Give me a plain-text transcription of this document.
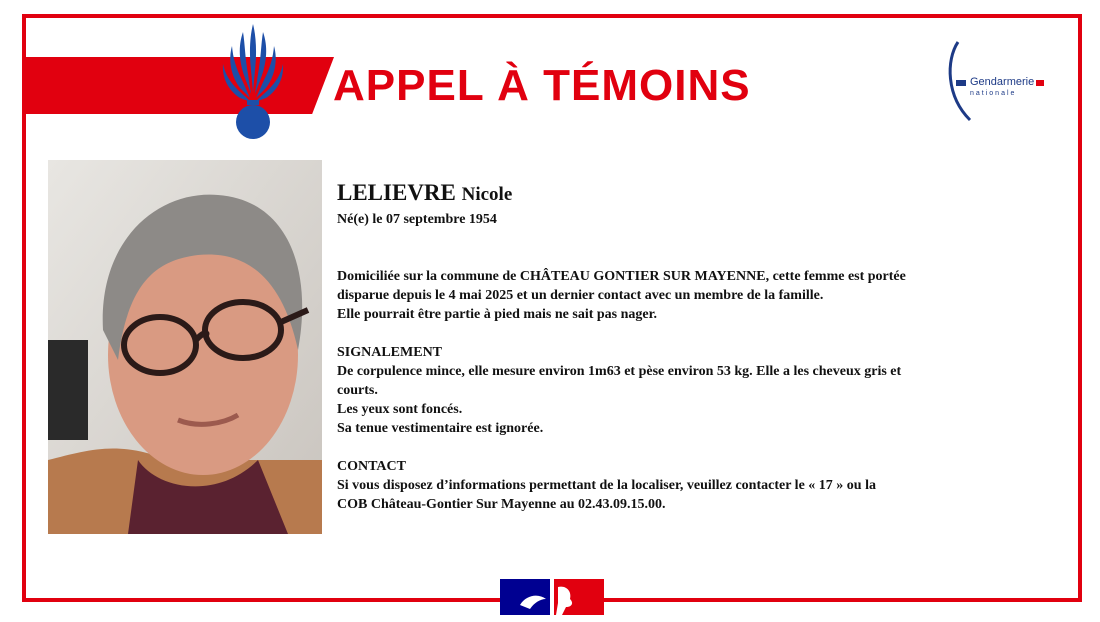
APPEL À TÉMOINS	Gendarmerie
nationale

LELIEVRE Nicole

Né(e) le 07 septembre 1954

Domiciliée sur la commune de CHÂTEAU GONTIER SUR MAYENNE, cette femme est portée

disparue depuis le 4 mai 2025 et un dernier contact avec un membre de la famille.

Elle pourrait être partie à pied mais ne sait pas nager.

SIGNALEMENT

De corpulence mince, elle mesure environ 1m63 et pèse environ 53 kg. Elle a les cheveux gris et

courts.

Les yeux sont foncés.

Sa tenue vestimentaire est ignorée.

CONTACT

Si vous disposez d’informations permettant de la localiser, veuillez contacter le « 17 » ou la

COB Château-Gontier Sur Mayenne au 02.43.09.15.00.
